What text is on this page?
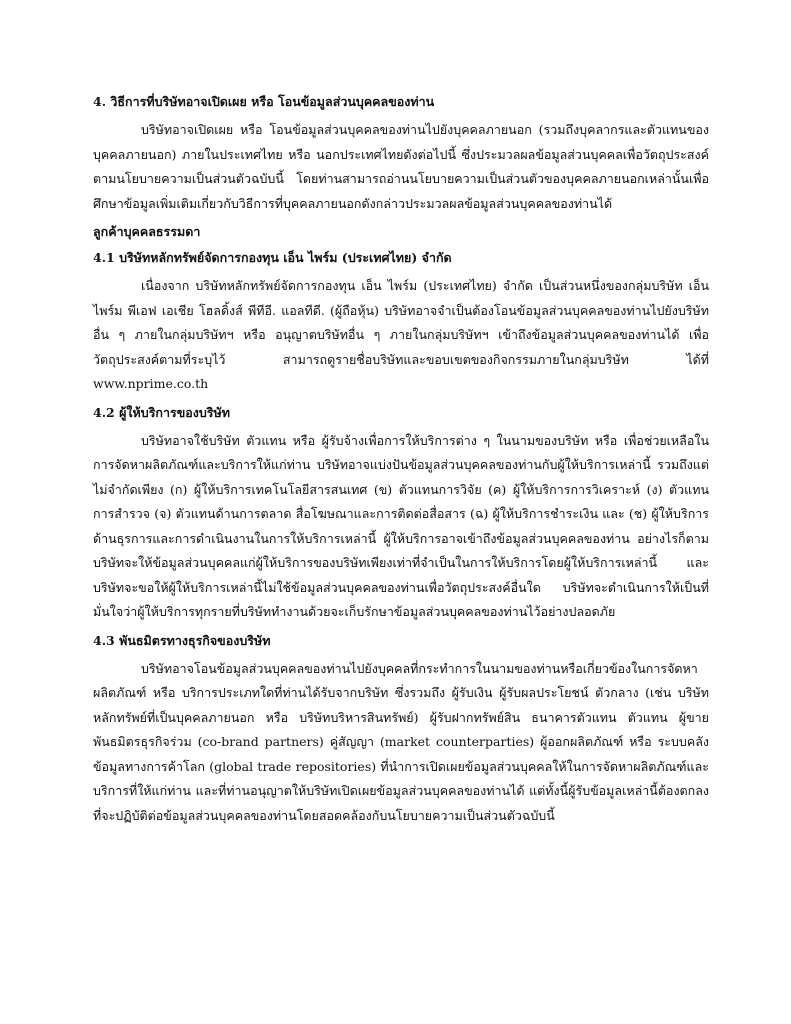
4. วิธีการที่บริษัทอาจเปิดเผย หรือ โอนข้อมูลส่วนบุคคลของท่าน

บริษัทอาจเปิดเผย หรือ โอนข้อมูลส่วนบุคคลของท่านไปยังบุคคลภายนอก (รวมถึงบุคลากรและตัวแทนของบุคคลภายนอก) ภายในประเทศไทย หรือ นอกประเทศไทยดังต่อไปนี้ ซึ่งประมวลผลข้อมูลส่วนบุคคลเพื่อวัตถุประสงค์ตามนโยบายความเป็นส่วนตัวฉบับนี้ โดยท่านสามารถอ่านนโยบายความเป็นส่วนตัวของบุคคลภายนอกเหล่านั้นเพื่อศึกษาข้อมูลเพิ่มเติมเกี่ยวกับวิธีการที่บุคคลภายนอกดังกล่าวประมวลผลข้อมูลส่วนบุคคลของท่านได้

ลูกค้าบุคคลธรรมดา
4.1 บริษัทหลักทรัพย์จัดการกองทุน เอ็น ไพร์ม (ประเทศไทย) จำกัด

เนื่องจาก บริษัทหลักทรัพย์จัดการกองทุน เอ็น ไพร์ม (ประเทศไทย) จำกัด เป็นส่วนหนึ่งของกลุ่มบริษัท เอ็น ไพร์ม พีเอฟ เอเชีย โฮลดิ้งส์ พีทีอี. แอลทีดี. (ผู้ถือหุ้น) บริษัทอาจจำเป็นต้องโอนข้อมูลส่วนบุคคลของท่านไปยังบริษัทอื่น ๆ ภายในกลุ่มบริษัทฯ หรือ อนุญาตบริษัทอื่น ๆ ภายในกลุ่มบริษัทฯ เข้าถึงข้อมูลส่วนบุคคลของท่านได้ เพื่อวัตถุประสงค์ตามที่ระบุไว้ สามารถดูรายชื่อบริษัทและขอบเขตของกิจกรรมภายในกลุ่มบริษัท ได้ที่ www.nprime.co.th

4.2 ผู้ให้บริการของบริษัท

บริษัทอาจใช้บริษัท ตัวแทน หรือ ผู้รับจ้างเพื่อการให้บริการต่าง ๆ ในนามของบริษัท หรือ เพื่อช่วยเหลือในการจัดหาผลิตภัณฑ์และบริการให้แก่ท่าน บริษัทอาจแบ่งปันข้อมูลส่วนบุคคลของท่านกับผู้ให้บริการเหล่านี้ รวมถึงแต่ไม่จำกัดเพียง (ก) ผู้ให้บริการเทคโนโลยีสารสนเทศ (ข) ตัวแทนการวิจัย (ค) ผู้ให้บริการการวิเคราะห์ (ง) ตัวแทนการสำรวจ (จ) ตัวแทนด้านการตลาด สื่อโฆษณาและการติดต่อสื่อสาร (ฉ) ผู้ให้บริการชำระเงิน และ (ช) ผู้ให้บริการด้านธุรการและการดำเนินงานในการให้บริการเหล่านี้ ผู้ให้บริการอาจเข้าถึงข้อมูลส่วนบุคคลของท่าน อย่างไรก็ตาม บริษัทจะให้ข้อมูลส่วนบุคคลแก่ผู้ให้บริการของบริษัทเพียงเท่าที่จำเป็นในการให้บริการโดยผู้ให้บริการเหล่านี้ และบริษัทจะขอให้ผู้ให้บริการเหล่านี้ไม่ใช้ข้อมูลส่วนบุคคลของท่านเพื่อวัตถุประสงค์อื่นใด บริษัทจะดำเนินการให้เป็นที่มั่นใจว่าผู้ให้บริการทุกรายที่บริษัททำงานด้วยจะเก็บรักษาข้อมูลส่วนบุคคลของท่านไว้อย่างปลอดภัย

4.3 พันธมิตรทางธุรกิจของบริษัท

บริษัทอาจโอนข้อมูลส่วนบุคคลของท่านไปยังบุคคลที่กระทำการในนามของท่านหรือเกี่ยวข้องในการจัดหาผลิตภัณฑ์ หรือ บริการประเภทใดที่ท่านได้รับจากบริษัท ซึ่งรวมถึง ผู้รับเงิน ผู้รับผลประโยชน์ ตัวกลาง (เช่น บริษัทหลักทรัพย์ที่เป็นบุคคลภายนอก หรือ บริษัทบริหารสินทรัพย์) ผู้รับฝากทรัพย์สิน ธนาคารตัวแทน ตัวแทน ผู้ขาย พันธมิตรธุรกิจร่วม (co-brand partners) คู่สัญญา (market counterparties) ผู้ออกผลิตภัณฑ์ หรือ ระบบคลังข้อมูลทางการค้าโลก (global trade repositories) ที่นำการเปิดเผยข้อมูลส่วนบุคคลให้ในการจัดหาผลิตภัณฑ์และบริการที่ให้แก่ท่าน และที่ท่านอนุญาตให้บริษัทเปิดเผยข้อมูลส่วนบุคคลของท่านได้ แต่ทั้งนี้ผู้รับข้อมูลเหล่านี้ต้องตกลงที่จะปฏิบัติต่อข้อมูลส่วนบุคคลของท่านโดยสอดคล้องกับนโยบายความเป็นส่วนตัวฉบับนี้
